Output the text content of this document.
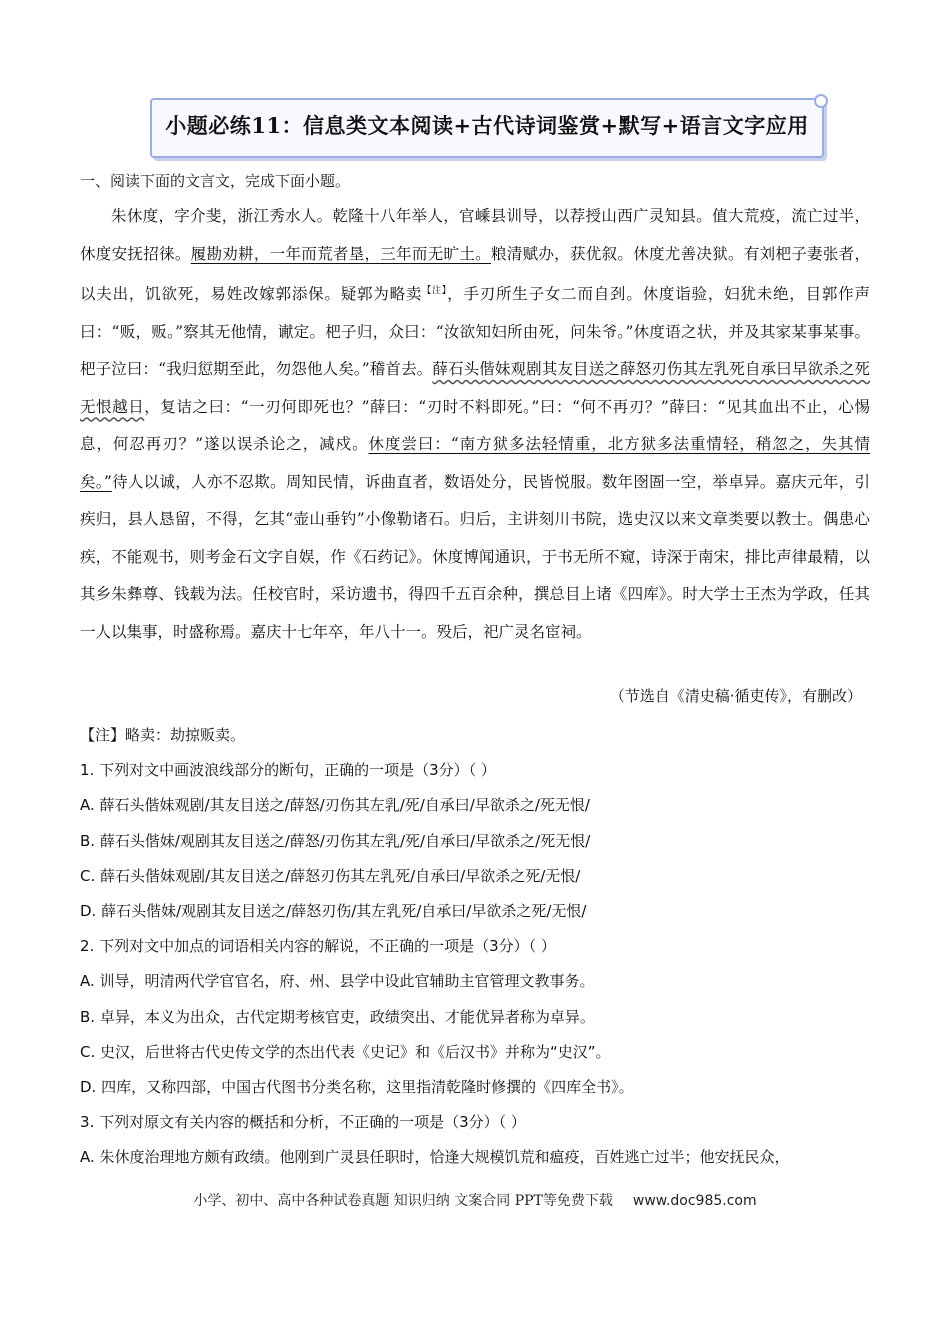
小题必练11：信息类文本阅读+古代诗词鉴赏+默写+语言文字应用
一、阅读下面的文言文，完成下面小题。

朱休度，字介斐，浙江秀水人。乾隆十八年举人，官嵊县训导，以荐授山西广灵知县。值大荒疫，流亡过半，休度安抚招徕。履勘劝耕，一年而荒者垦，三年而无旷土。粮清赋办，获优叙。休度尤善决狱。有刘杷子妻张者，以夫出，饥欲死，易姓改嫁郭添保。疑郭为略卖$^{【注】}$，手刃所生子女二而自刭。休度诣验，妇犹未绝，目郭作声曰：“贩，贩。”察其无他情，谳定。杷子归，众曰：“汝欲知妇所由死，问朱爷。”休度语之状，并及其家某事某事。杷子泣曰：“我归愆期至此，勿怨他人矣。”稽首去。薛石头偕妹观剧其友目送之薛怒刃伤其左乳死自承曰早欲杀之死无恨越日，复诘之曰：“一刃何即死也？”薛曰：“刃时不料即死。”曰：“何不再刃？”薛曰：“见其血出不止，心惕息，何忍再刃？”遂以误杀论之，减戍。休度尝曰：“南方狱多法轻情重，北方狱多法重情轻，稍忽之，失其情矣。”待人以诚，人亦不忍欺。周知民情，诉曲直者，数语处分，民皆悦服。数年囹圄一空，举卓异。嘉庆元年，引疾归，县人恳留，不得，乞其“壶山垂钓”小像勒诸石。归后，主讲刻川书院，选史汉以来文章类要以教士。偶患心疾，不能观书，则考金石文字自娱，作《石药记》。休度博闻通识，于书无所不窥，诗深于南宋，排比声律最精，以其乡朱彝尊、钱载为法。任校官时，采访遗书，得四千五百余种，撰总目上诸《四库》。时大学士王杰为学政，任其一人以集事，时盛称焉。嘉庆十七年卒，年八十一。殁后，祀广灵名宦祠。

（节选自《清史稿·循吏传》，有删改）
【注】略卖：劫掠贩卖。
1. 下列对文中画波浪线部分的断句，正确的一项是（3分）（ ）
A. 薛石头偕妹观剧/其友目送之/薛怒/刃伤其左乳/死/自承曰/早欲杀之/死无恨/
B. 薛石头偕妹/观剧其友目送之/薛怒/刃伤其左乳/死/自承曰/早欲杀之/死无恨/
C. 薛石头偕妹观剧/其友目送之/薛怒刃伤其左乳死/自承曰/早欲杀之死/无恨/
D. 薛石头偕妹/观剧其友目送之/薛怒刃伤/其左乳死/自承曰/早欲杀之死/无恨/
2. 下列对文中加点的词语相关内容的解说，不正确的一项是（3分）（ ）
A. 训导，明清两代学官官名，府、州、县学中设此官辅助主官管理文教事务。
B. 卓异，本义为出众，古代定期考核官吏，政绩突出、才能优异者称为卓异。
C. 史汉，后世将古代史传文学的杰出代表《史记》和《后汉书》并称为“史汉”。
D. 四库，又称四部，中国古代图书分类名称，这里指清乾隆时修撰的《四库全书》。
3. 下列对原文有关内容的概括和分析，不正确的一项是（3分）（ ）
A. 朱休度治理地方颇有政绩。他刚到广灵县任职时，恰逢大规模饥荒和瘟疫，百姓逃亡过半；他安抚民众，
小学、初中、高中各种试卷真题 知识归纳 文案合同 PPT等免费下载 www.doc985.com
